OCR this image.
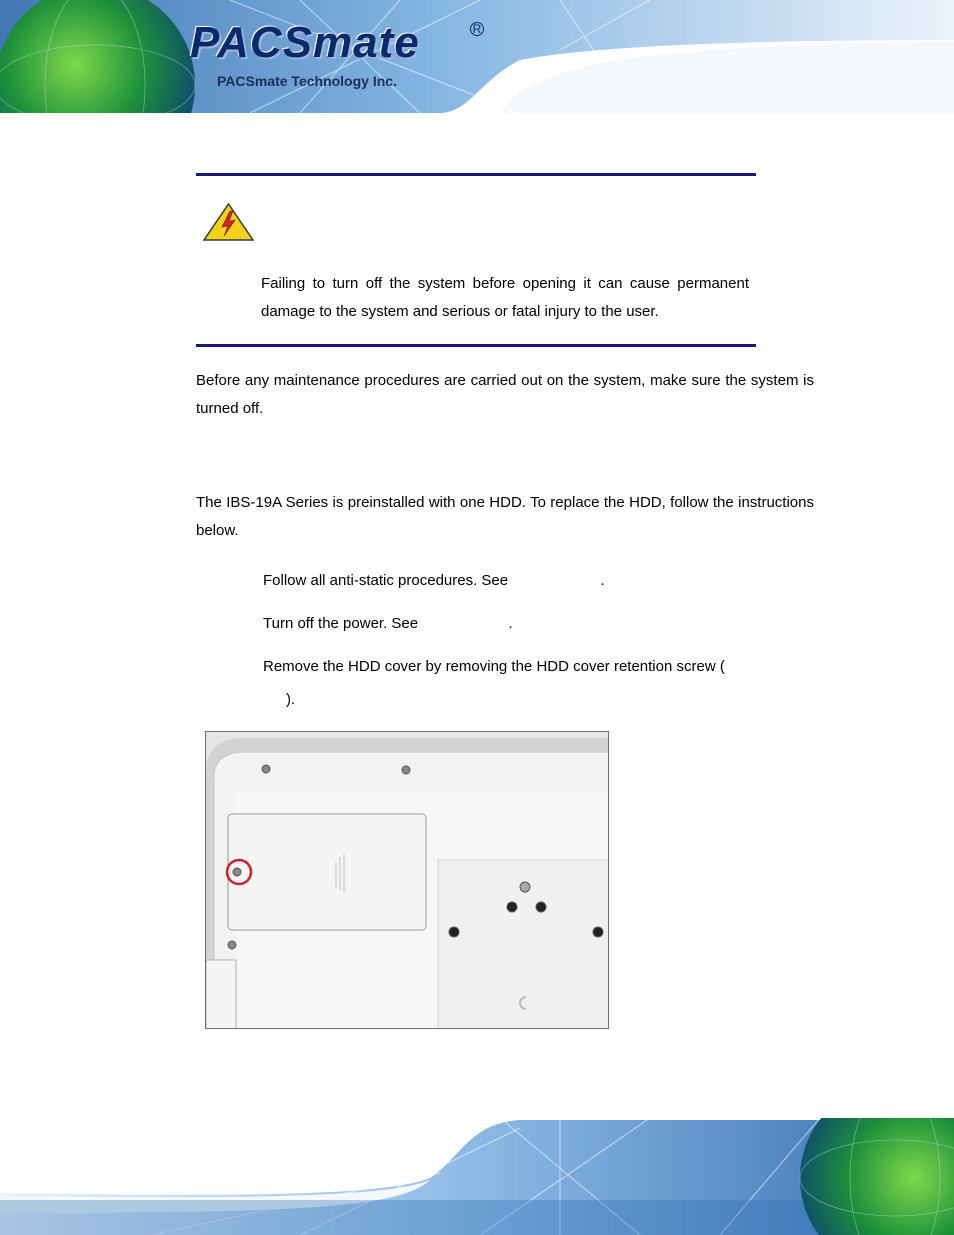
PACSmate	R
PACSmate Technology Inc.
Failing to turn off the system before opening it can cause permanent damage to the system and serious or fatal injury to the user.
Before any maintenance procedures are carried out on the system, make sure the system is turned off.
The IBS-19A Series is preinstalled with one HDD. To replace the HDD, follow the instructions below.
Follow all anti-static procedures. See	.
Turn off the power. See	.
Remove the HDD cover by removing the HDD cover retention screw (
).
